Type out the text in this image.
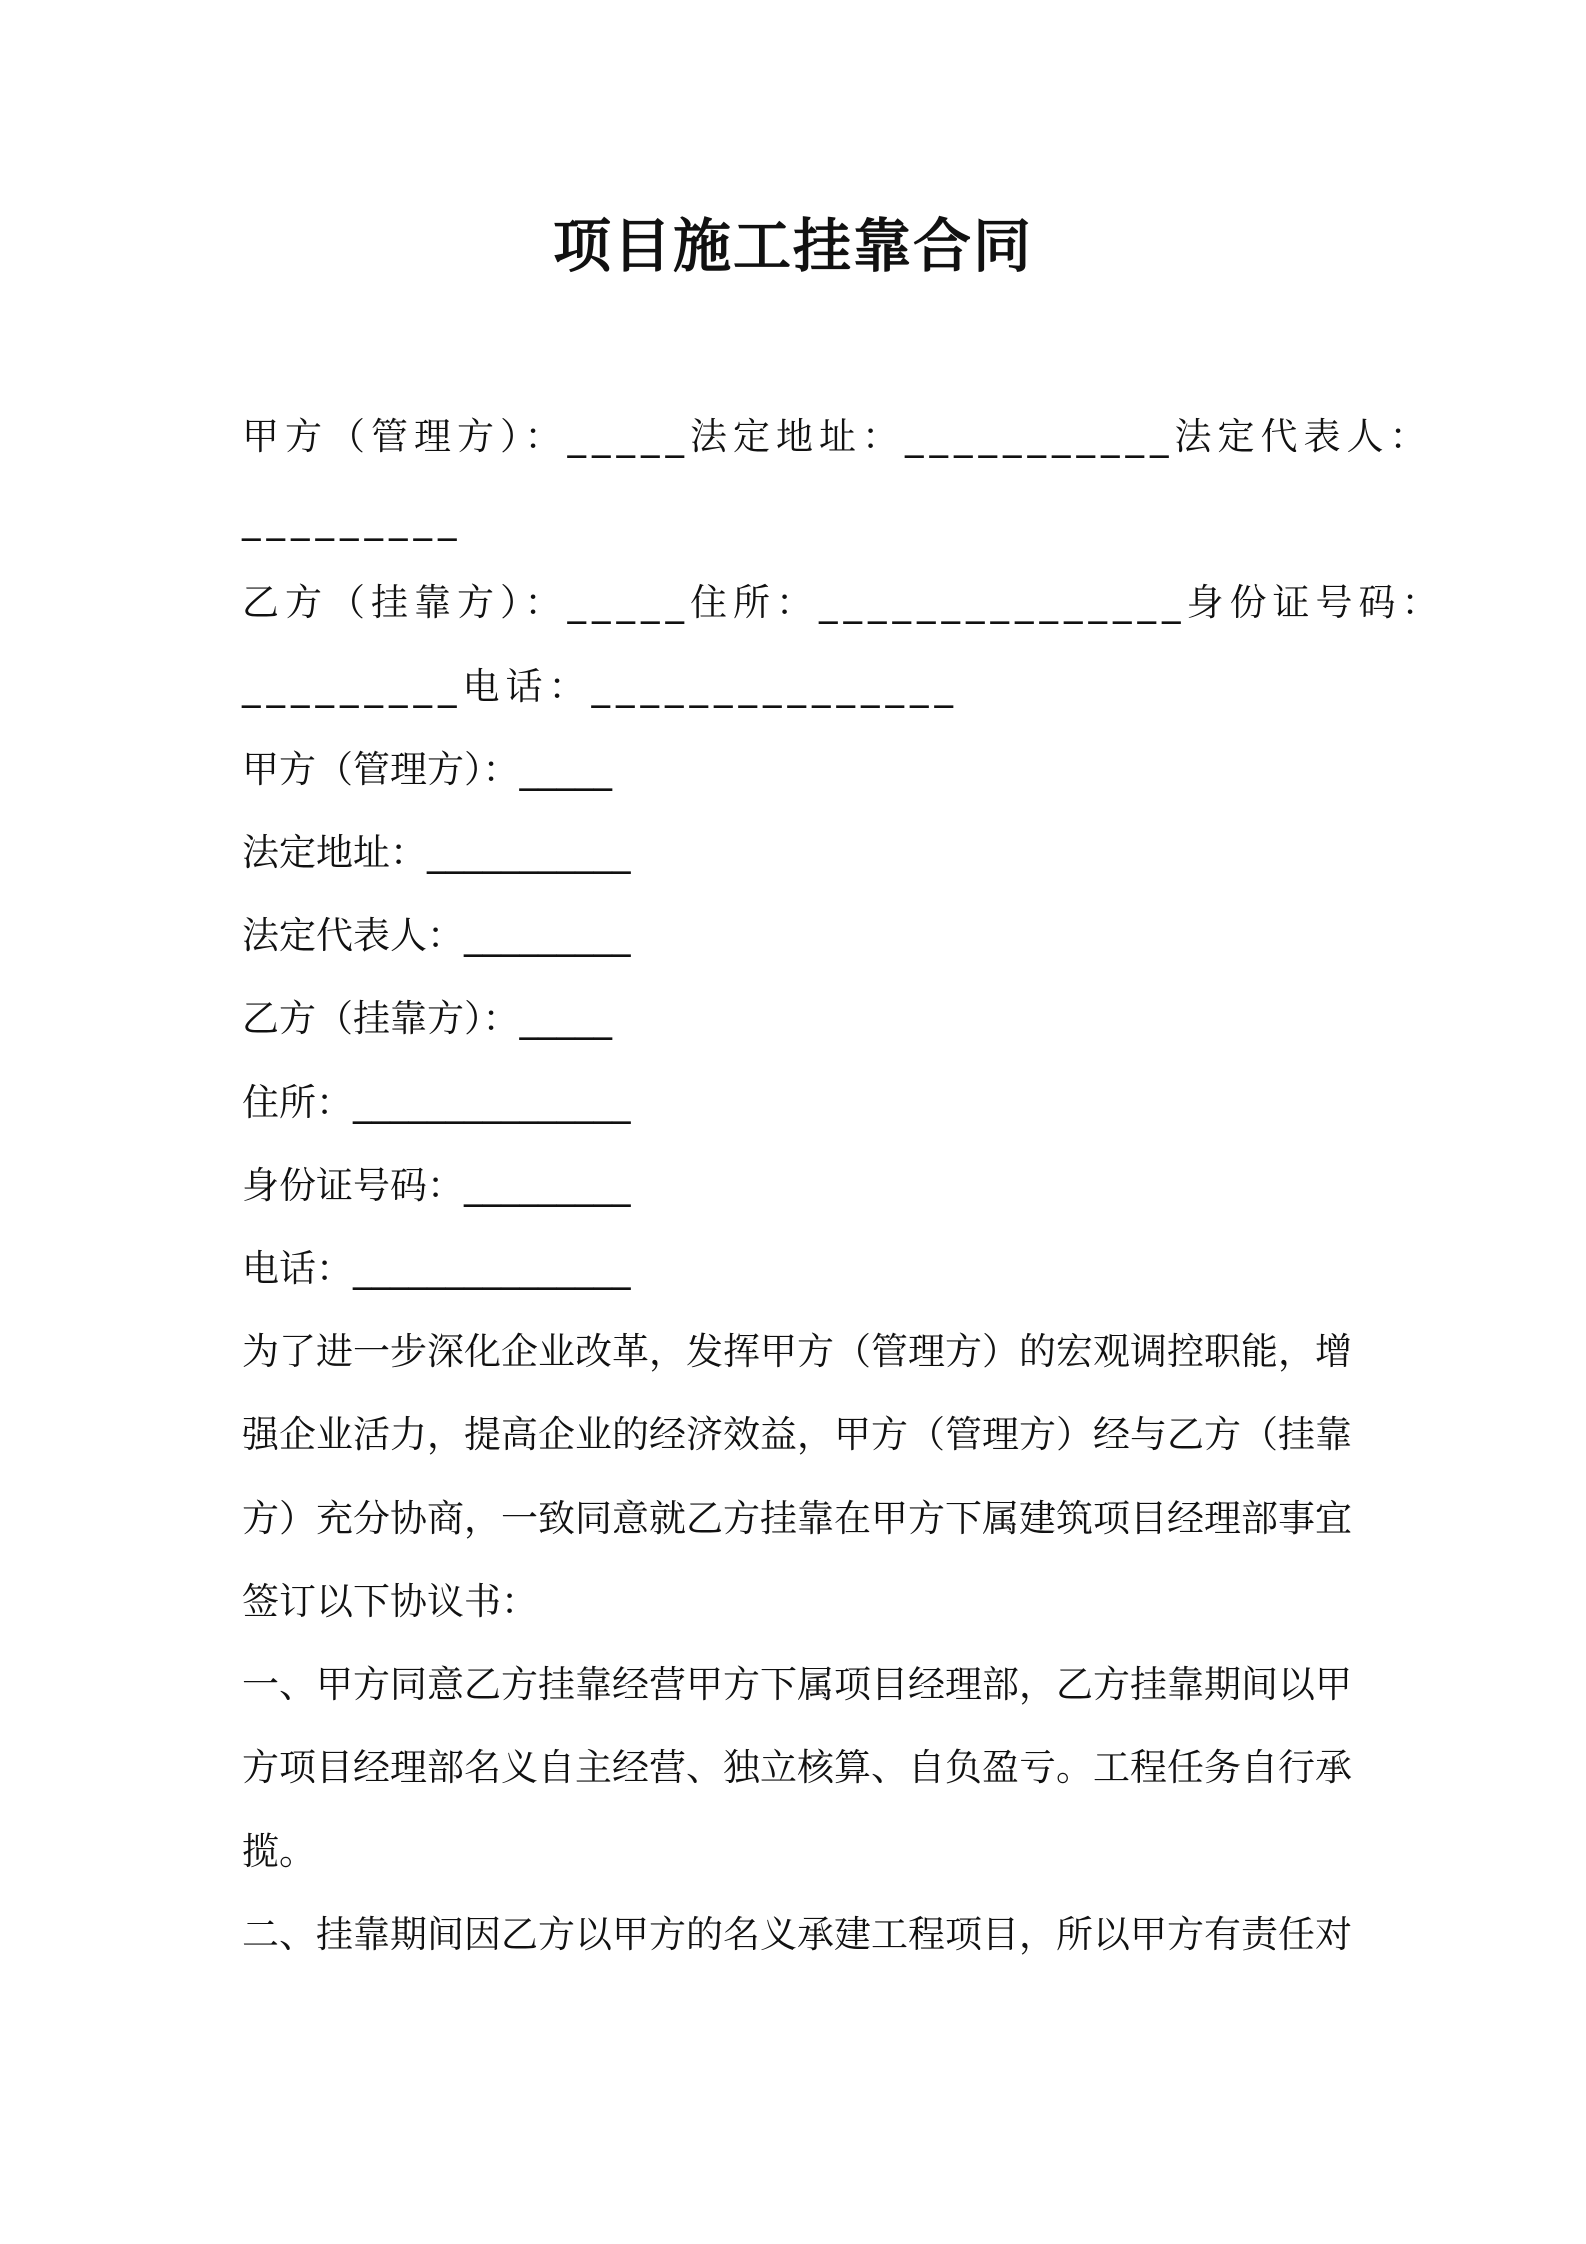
项目施工挂靠合同
甲方（管理方）：_____法定地址：___________法定代表人：
_________
乙方（挂靠方）：_____住所：_______________身份证号码：
_________电话：_______________
甲方（管理方）：_____
法定地址：___________
法定代表人：_________
乙方（挂靠方）：_____
住所：_______________
身份证号码：_________
电话：_______________
为了进一步深化企业改革，发挥甲方（管理方）的宏观调控职能，增
强企业活力，提高企业的经济效益，甲方（管理方）经与乙方（挂靠
方）充分协商，一致同意就乙方挂靠在甲方下属建筑项目经理部事宜
签订以下协议书：
一、甲方同意乙方挂靠经营甲方下属项目经理部，乙方挂靠期间以甲
方项目经理部名义自主经营、独立核算、自负盈亏。工程任务自行承
揽。
二、挂靠期间因乙方以甲方的名义承建工程项目，所以甲方有责任对
